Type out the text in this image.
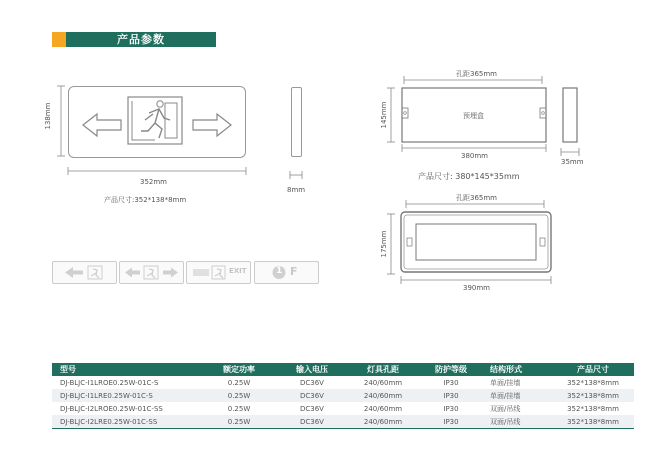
产品参数
138mm
352mm
产品尺寸:352*138*8mm
8mm
孔距365mm
145mm	预埋盒
380mm
产品尺寸: 380*145*35mm
35mm
孔距365mm
175mm
390mm
EXIT	1 F
型号	额定功率	输入电压	灯具孔距	防护等级	结构形式	产品尺寸
DJ-BLJC-I1LROE0.25W-01C-S	0.25W	DC36V	240/60mm	IP30	单面/挂墙	352*138*8mm
DJ-BLJC-I1LRE0.25W-01C-S	0.25W	DC36V	240/60mm	IP30	单面/挂墙	352*138*8mm
DJ-BLJC-I2LROE0.25W-01C-SS	0.25W	DC36V	240/60mm	IP30	双面/吊线	352*138*8mm
DJ-BLJC-I2LRE0.25W-01C-SS	0.25W	DC36V	240/60mm	IP30	双面/吊线	352*138*8mm
